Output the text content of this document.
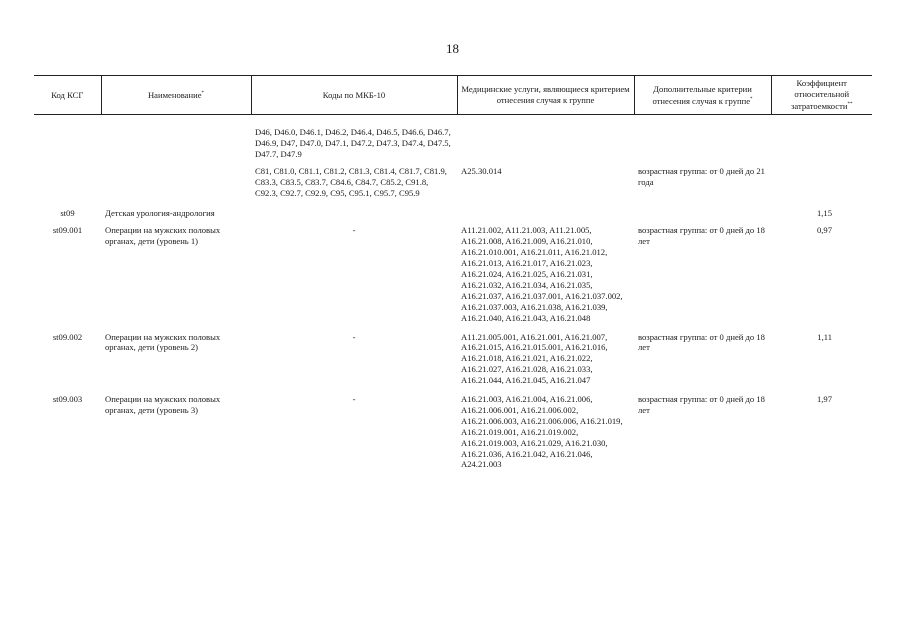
18
Код КСГ	Наименование*	Коды по МКБ-10	Медицинские услуги, являющиеся критерием отнесения случая к группе	Дополнительные критерии отнесения случая к группе*	Коэффициент относительной затратоемкости**

		D46, D46.0, D46.1, D46.2, D46.4, D46.5, D46.6, D46.7, D46.9, D47, D47.0, D47.1, D47.2, D47.3, D47.4, D47.5, D47.7, D47.9			
		C81, C81.0, C81.1, C81.2, C81.3, C81.4, C81.7, C81.9, C83.3, C83.5, C83.7, C84.6, C84.7, C85.2, C91.8, C92.3, C92.7, C92.9, C95, C95.1, C95.7, C95.9	A25.30.014	возрастная группа: от 0 дней до 21 года	
st09	Детская урология-андрология				1,15
st09.001	Операции на мужских половых органах, дети (уровень 1)	-	A11.21.002, A11.21.003, A11.21.005, A16.21.008, A16.21.009, A16.21.010, A16.21.010.001, A16.21.011, A16.21.012, A16.21.013, A16.21.017, A16.21.023, A16.21.024, A16.21.025, A16.21.031, A16.21.032, A16.21.034, A16.21.035, A16.21.037, A16.21.037.001, A16.21.037.002, A16.21.037.003, A16.21.038, A16.21.039, A16.21.040, A16.21.043, A16.21.048	возрастная группа: от 0 дней до 18 лет	0,97
st09.002	Операции на мужских половых органах, дети (уровень 2)	-	A11.21.005.001, A16.21.001, A16.21.007, A16.21.015, A16.21.015.001, A16.21.016, A16.21.018, A16.21.021, A16.21.022, A16.21.027, A16.21.028, A16.21.033, A16.21.044, A16.21.045, A16.21.047	возрастная группа: от 0 дней до 18 лет	1,11
st09.003	Операции на мужских половых органах, дети (уровень 3)	-	A16.21.003, A16.21.004, A16.21.006, A16.21.006.001, A16.21.006.002, A16.21.006.003, A16.21.006.006, A16.21.019, A16.21.019.001, A16.21.019.002, A16.21.019.003, A16.21.029, A16.21.030, A16.21.036, A16.21.042, A16.21.046, A24.21.003	возрастная группа: от 0 дней до 18 лет	1,97
